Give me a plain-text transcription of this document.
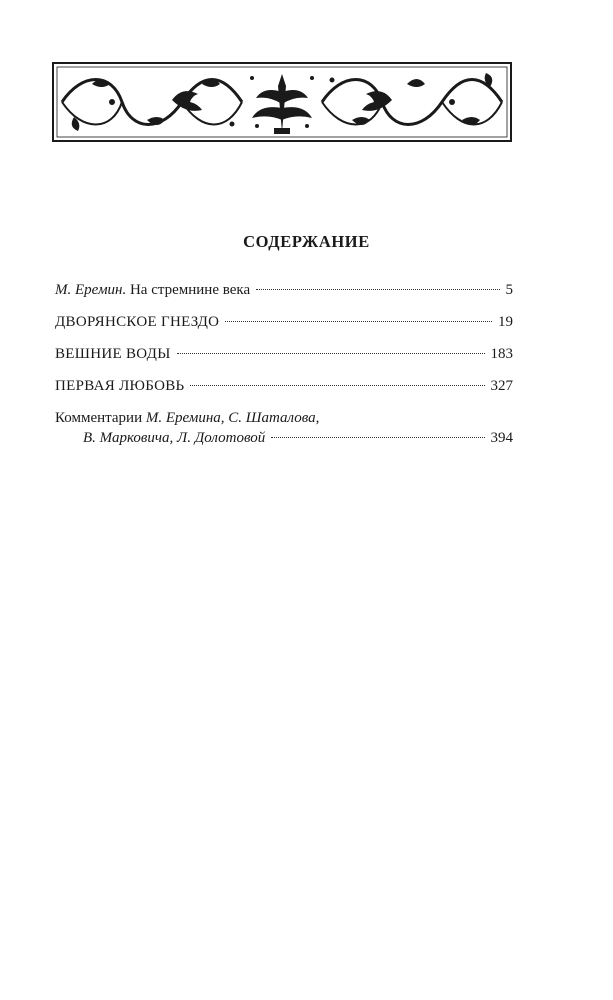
СОДЕРЖАНИЕ
М. Еремин. На стремнине века	5
ДВОРЯНСКОЕ ГНЕЗДО	19
ВЕШНИЕ ВОДЫ	183
ПЕРВАЯ ЛЮБОВЬ	327
Комментарии М. Еремина, С. Шаталова,
В. Марковича, Л. Долотовой	394
